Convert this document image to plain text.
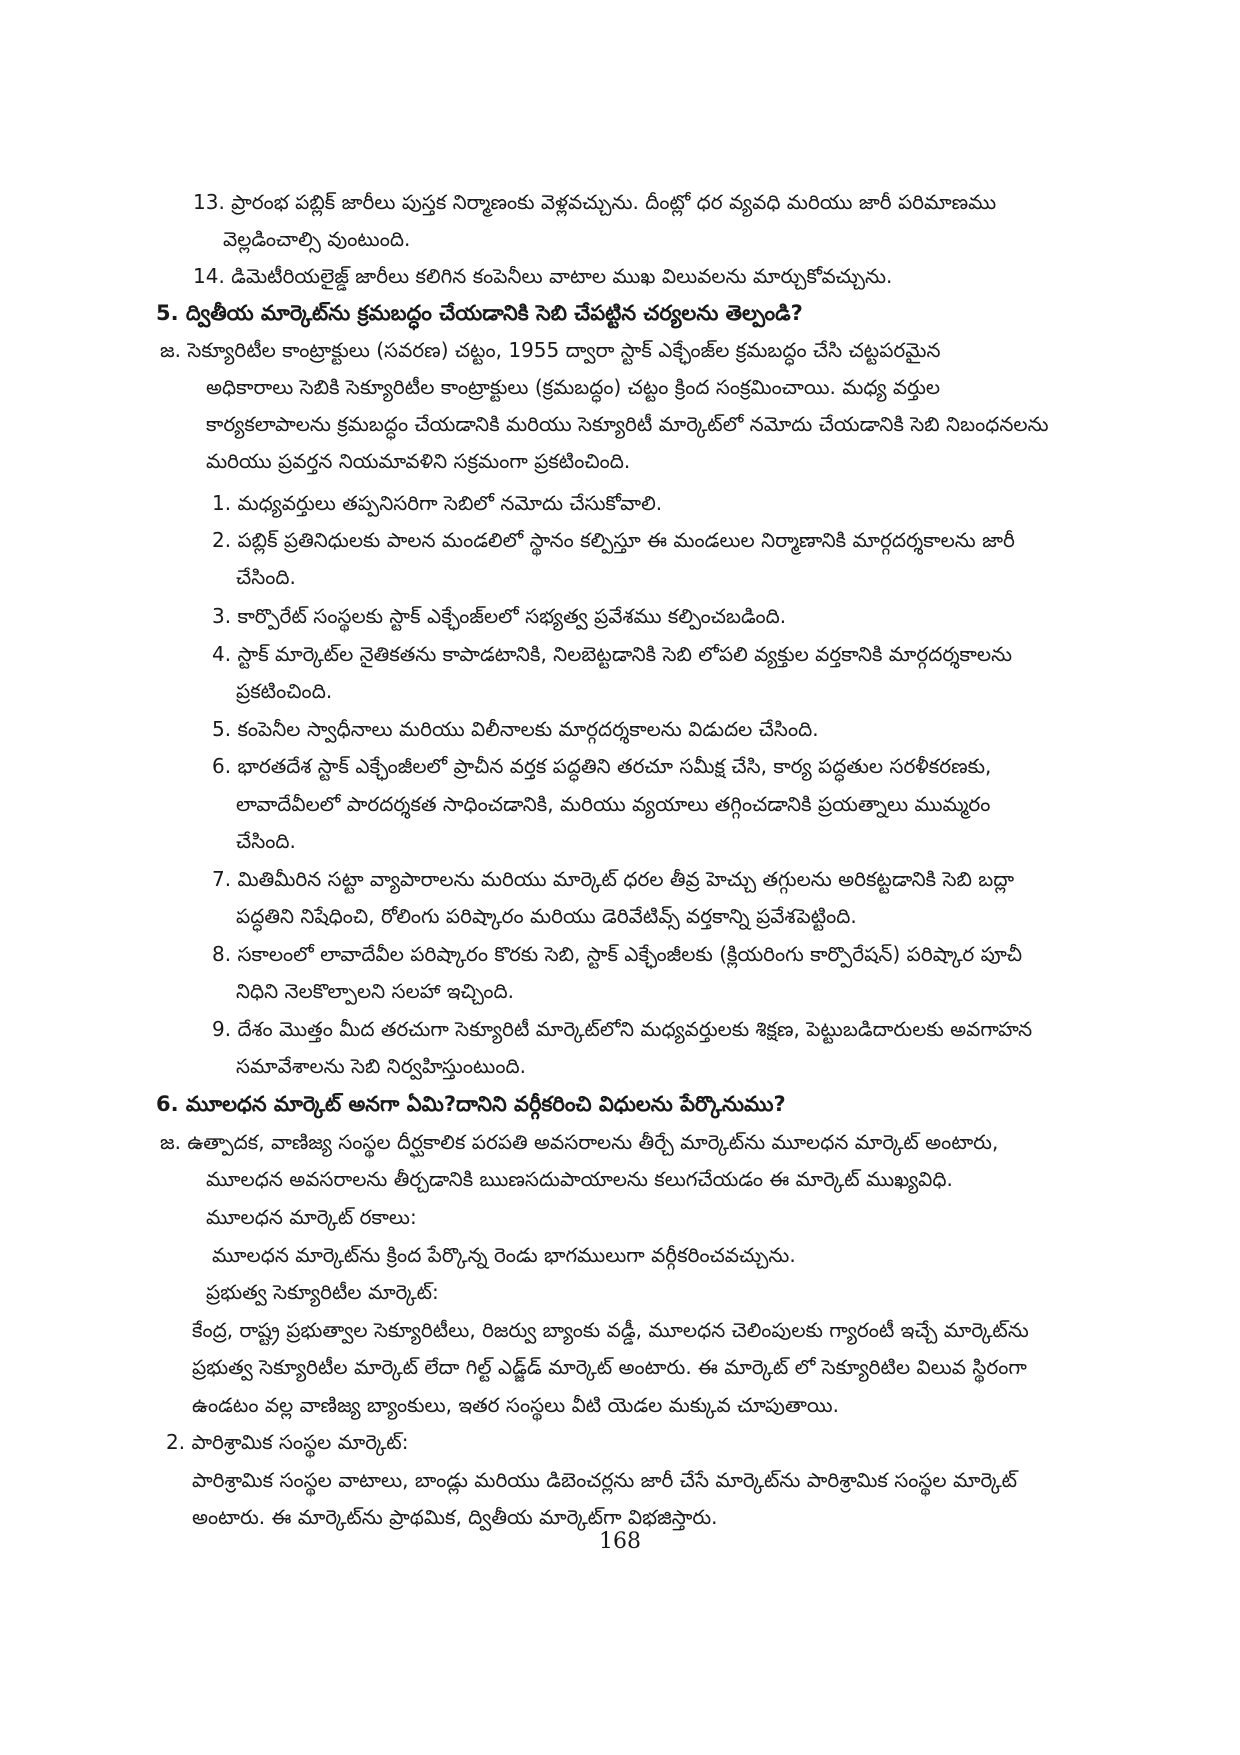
13. ప్రారంభ పబ్లిక్ జారీలు పుస్తక నిర్మాణంకు వెళ్లవచ్చును. దీంట్లో ధర వ్యవధి మరియు జారీ పరిమాణము
వెల్లడించాల్సి వుంటుంది.
14. డిమెటీరియలైజ్డ్ జారీలు కలిగిన కంపెనీలు వాటాల ముఖ విలువలను మార్చుకోవచ్చును.
5. ద్వితీయ మార్కెట్‌ను క్రమబద్ధం చేయడానికి సెబి చేపట్టిన చర్యలను తెల్పండి?
జ. సెక్యూరిటీల కాంట్రాక్టులు (సవరణ) చట్టం, 1955 ద్వారా స్టాక్ ఎక్ఛేంజ్‌ల క్రమబద్ధం చేసి చట్టపరమైన
అధికారాలు సెబికి సెక్యూరిటీల కాంట్రాక్టులు (క్రమబద్ధం) చట్టం క్రింద సంక్రమించాయి. మధ్య వర్తుల
కార్యకలాపాలను క్రమబద్ధం చేయడానికి మరియు సెక్యూరిటీ మార్కెట్‌లో నమోదు చేయడానికి సెబి నిబంధనలను
మరియు ప్రవర్తన నియమావళిని సక్రమంగా ప్రకటించింది.
1. మధ్యవర్తులు తప్పనిసరిగా సెబిలో నమోదు చేసుకోవాలి.
2. పబ్లిక్ ప్రతినిధులకు పాలన మండలిలో స్థానం కల్పిస్తూ ఈ మండలుల నిర్మాణానికి మార్గదర్శకాలను జారీ
చేసింది.
3. కార్పొరేట్ సంస్థలకు స్టాక్ ఎక్ఛేంజ్‌లలో సభ్యత్వ ప్రవేశము కల్పించబడింది.
4. స్టాక్ మార్కెట్‌ల నైతికతను కాపాడటానికి, నిలబెట్టడానికి సెబి లోపలి వ్యక్తుల వర్తకానికి మార్గదర్శకాలను
ప్రకటించింది.
5. కంపెనీల స్వాధీనాలు మరియు విలీనాలకు మార్గదర్శకాలను విడుదల చేసింది.
6. భారతదేశ స్టాక్ ఎక్ఛేంజీలలో ప్రాచీన వర్తక పద్ధతిని తరచూ సమీక్ష చేసి, కార్య పద్ధతుల సరళీకరణకు,
లావాదేవీలలో పారదర్శకత సాధించడానికి, మరియు వ్యయాలు తగ్గించడానికి ప్రయత్నాలు ముమ్మరం
చేసింది.
7. మితిమీరిన సట్టా వ్యాపారాలను మరియు మార్కెట్ ధరల తీవ్ర హెచ్చు తగ్గులను అరికట్టడానికి సెబి బద్లా
పద్ధతిని నిషేధించి, రోలింగు పరిష్కారం మరియు డెరివేటివ్స్ వర్తకాన్ని ప్రవేశపెట్టింది.
8. సకాలంలో లావాదేవీల పరిష్కారం కొరకు సెబి, స్టాక్ ఎక్ఛేంజీలకు (క్లియరింగు కార్పొరేషన్) పరిష్కార పూచీ
నిధిని నెలకొల్పాలని సలహా ఇచ్చింది.
9. దేశం మొత్తం మీద తరచుగా సెక్యూరిటీ మార్కెట్‌లోని మధ్యవర్తులకు శిక్షణ, పెట్టుబడిదారులకు అవగాహన
సమావేశాలను సెబి నిర్వహిస్తుంటుంది.
6. మూలధన మార్కెట్ అనగా ఏమి?దానిని వర్గీకరించి విధులను పేర్కొనుము?
జ. ఉత్పాదక, వాణిజ్య సంస్థల దీర్ఘకాలిక పరపతి అవసరాలను తీర్చే మార్కెట్‌ను మూలధన మార్కెట్ అంటారు,
మూలధన అవసరాలను తీర్చడానికి ఋణసదుపాయాలను కలుగచేయడం ఈ మార్కెట్ ముఖ్యవిధి.
మూలధన మార్కెట్ రకాలు:
మూలధన మార్కెట్‌ను క్రింద పేర్కొన్న రెండు భాగములుగా వర్గీకరించవచ్చును.
ప్రభుత్వ సెక్యూరిటీల మార్కెట్:
కేంద్ర, రాష్ట్ర ప్రభుత్వాల సెక్యూరిటీలు, రిజర్వు బ్యాంకు వడ్డీ, మూలధన చెలింపులకు గ్యారంటీ ఇచ్చే మార్కెట్‌ను
ప్రభుత్వ సెక్యూరిటీల మార్కెట్ లేదా గిల్ట్ ఎడ్జ్‌డ్ మార్కెట్ అంటారు. ఈ మార్కెట్ లో సెక్యూరిటిల విలువ స్థిరంగా
ఉండటం వల్ల వాణిజ్య బ్యాంకులు, ఇతర సంస్థలు వీటి యెడల మక్కువ చూపుతాయి.
2. పారిశ్రామిక సంస్థల మార్కెట్:
పారిశ్రామిక సంస్థల వాటాలు, బాండ్లు మరియు డిబెంచర్లను జారీ చేసే మార్కెట్‌ను పారిశ్రామిక సంస్థల మార్కెట్
అంటారు. ఈ మార్కెట్‌ను ప్రాథమిక, ద్వితీయ మార్కెట్‌గా విభజిస్తారు.
168
